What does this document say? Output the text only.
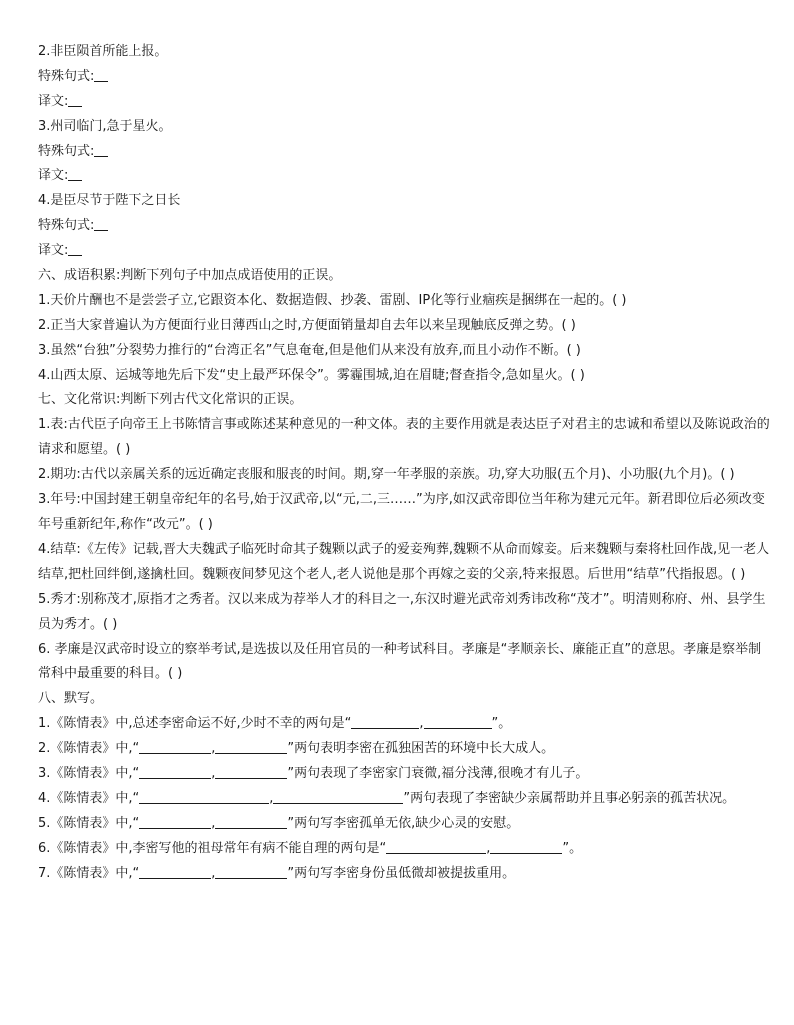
2.非臣陨首所能上报。
特殊句式:
译文:
3.州司临门,急于星火。
特殊句式:
译文:
4.是臣尽节于陛下之日长
特殊句式:
译文:
六、成语积累:判断下列句子中加点成语使用的正误。
1.天价片酬也不是尝尝孑立,它跟资本化、数据造假、抄袭、雷剧、IP化等行业痼疾是捆绑在一起的。( )
2.正当大家普遍认为方便面行业日薄西山之时,方便面销量却自去年以来呈现触底反弹之势。( )
3.虽然“台独”分裂势力推行的“台湾正名”气息奄奄,但是他们从来没有放弃,而且小动作不断。( )
4.山西太原、运城等地先后下发“史上最严环保令”。雾霾围城,迫在眉睫;督查指令,急如星火。( )
七、文化常识:判断下列古代文化常识的正误。
1.表:古代臣子向帝王上书陈情言事或陈述某种意见的一种文体。表的主要作用就是表达臣子对君主的忠诚和希望以及陈说政治的请求和愿望。( )
2.期功:古代以亲属关系的远近确定丧服和服丧的时间。期,穿一年孝服的亲族。功,穿大功服(五个月)、小功服(九个月)。( )
3.年号:中国封建王朝皇帝纪年的名号,始于汉武帝,以“元,二,三……”为序,如汉武帝即位当年称为建元元年。新君即位后必须改变年号重新纪年,称作“改元”。( )
4.结草:《左传》记载,晋大夫魏武子临死时命其子魏颗以武子的爱妾殉葬,魏颗不从命而嫁妾。后来魏颗与秦将杜回作战,见一老人结草,把杜回绊倒,遂擒杜回。魏颗夜间梦见这个老人,老人说他是那个再嫁之妾的父亲,特来报恩。后世用“结草”代指报恩。( )
5.秀才:别称茂才,原指才之秀者。汉以来成为荐举人才的科目之一,东汉时避光武帝刘秀讳改称“茂才”。明清则称府、州、县学生员为秀才。( )
6. 孝廉是汉武帝时设立的察举考试,是选拔以及任用官员的一种考试科目。孝廉是“孝顺亲长、廉能正直”的意思。孝廉是察举制常科中最重要的科目。( )
八、默写。
1.《陈情表》中,总述李密命运不好,少时不幸的两句是“	,	”。
2.《陈情表》中,“	,	”两句表明李密在孤独困苦的环境中长大成人。
3.《陈情表》中,“	,	”两句表现了李密家门衰微,福分浅薄,很晚才有儿子。
4.《陈情表》中,“	,	”两句表现了李密缺少亲属帮助并且事必躬亲的孤苦状况。
5.《陈情表》中,“	,	”两句写李密孤单无依,缺少心灵的安慰。
6.《陈情表》中,李密写他的祖母常年有病不能自理的两句是“	,	”。
7.《陈情表》中,“	,	”两句写李密身份虽低微却被提拔重用。
